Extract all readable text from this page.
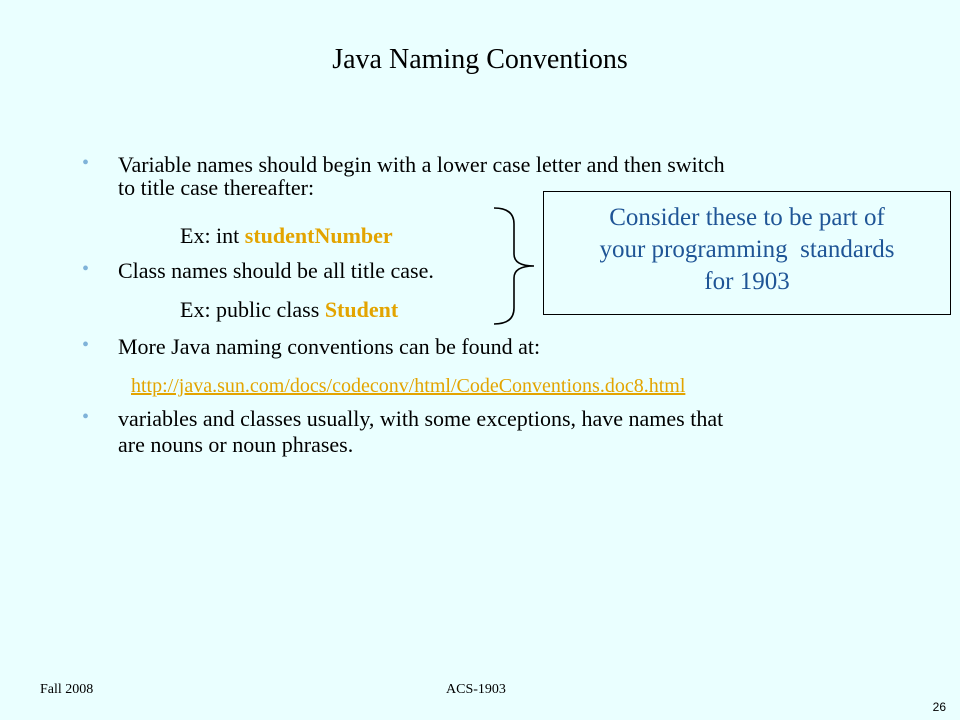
Java Naming Conventions
• Variable names should begin with a lower case letter and then switch
to title case thereafter:
Ex: int studentNumber
• Class names should be all title case.
Ex: public class Student
• More Java naming conventions can be found at:
http://java.sun.com/docs/codeconv/html/CodeConventions.doc8.html
• variables and classes usually, with some exceptions, have names that
are nouns or noun phrases.
Consider these to be part of
your programming  standards
for 1903
Fall 2008	ACS-1903
26
